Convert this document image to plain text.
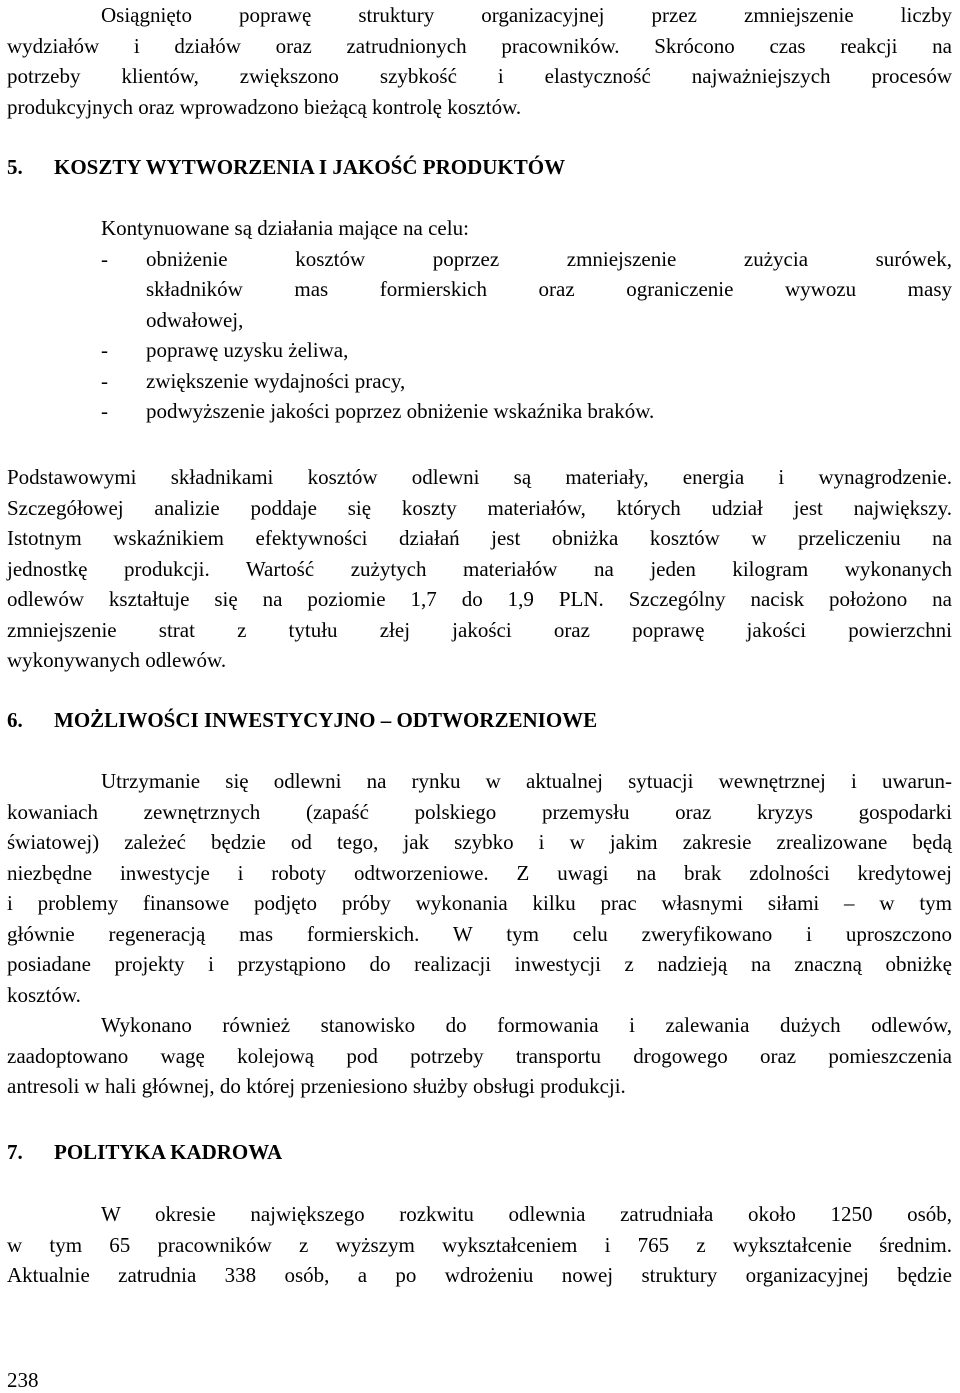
Osiągnięto poprawę struktury organizacyjnej przez zmniejszenie liczby
wydziałów i działów oraz zatrudnionych pracowników. Skrócono czas reakcji na
potrzeby klientów, zwiększono szybkość i elastyczność najważniejszych procesów
produkcyjnych oraz wprowadzono bieżącą kontrolę kosztów.
5. KOSZTY WYTWORZENIA I JAKOŚĆ PRODUKTÓW
Kontynuowane są działania mające na celu:
-	obniżenie kosztów poprzez zmniejszenie zużycia surówek,
składników mas formierskich oraz ograniczenie wywozu masy
odwałowej,
-	poprawę uzysku żeliwa,
-	zwiększenie wydajności pracy,
-	podwyższenie jakości poprzez obniżenie wskaźnika braków.
Podstawowymi składnikami kosztów odlewni są materiały, energia i wynagrodzenie.
Szczegółowej analizie poddaje się koszty materiałów, których udział jest największy.
Istotnym wskaźnikiem efektywności działań jest obniżka kosztów w przeliczeniu na
jednostkę produkcji. Wartość zużytych materiałów na jeden kilogram wykonanych
odlewów kształtuje się na poziomie 1,7 do 1,9 PLN. Szczególny nacisk położono na
zmniejszenie strat z tytułu złej jakości oraz poprawę jakości powierzchni
wykonywanych odlewów.
6. MOŻLIWOŚCI INWESTYCYJNO – ODTWORZENIOWE
Utrzymanie się odlewni na rynku w aktualnej sytuacji wewnętrznej i uwarun-
kowaniach zewnętrznych (zapaść polskiego przemysłu oraz kryzys gospodarki
światowej) zależeć będzie od tego, jak szybko i w jakim zakresie zrealizowane będą
niezbędne inwestycje i roboty odtworzeniowe. Z uwagi na brak zdolności kredytowej
i problemy finansowe podjęto próby wykonania kilku prac własnymi siłami – w tym
głównie regeneracją mas formierskich. W tym celu zweryfikowano i uproszczono
posiadane projekty i przystąpiono do realizacji inwestycji z nadzieją na znaczną obniżkę
kosztów.
Wykonano również stanowisko do formowania i zalewania dużych odlewów,
zaadoptowano wagę kolejową pod potrzeby transportu drogowego oraz pomieszczenia
antresoli w hali głównej, do której przeniesiono służby obsługi produkcji.
7. POLITYKA KADROWA
W okresie największego rozkwitu odlewnia zatrudniała około 1250 osób,
w tym 65 pracowników z wyższym wykształceniem i 765 z wykształcenie średnim.
Aktualnie zatrudnia 338 osób, a po wdrożeniu nowej struktury organizacyjnej będzie
238
